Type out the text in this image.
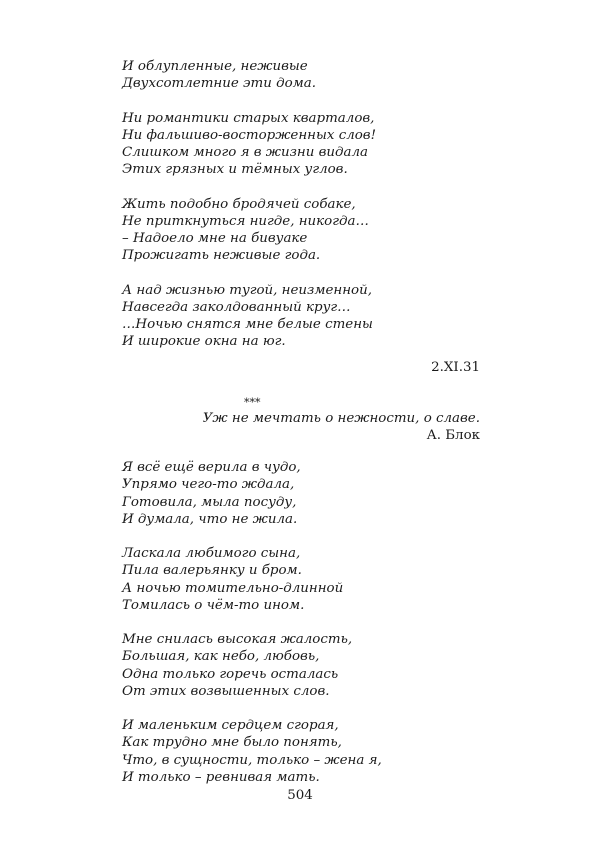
И облупленные, неживые
Двухсотлетние эти дома.
Ни романтики старых кварталов,
Ни фальшиво-восторженных слов!
Слишком много я в жизни видала
Этих грязных и тёмных углов.
Жить подобно бродячей собаке,
Не приткнуться нигде, никогда…
– Надоело мне на бивуаке
Прожигать неживые года.
А над жизнью тугой, неизменной,
Навсегда заколдованный круг…
…Ночью снятся мне белые стены
И широкие окна на юг.
2.XI.31
***
Уж не мечтать о нежности, о славе.
А. Блок
Я всё ещё верила в чудо,
Упрямо чего-то ждала,
Готовила, мыла посуду,
И думала, что не жила.
Ласкала любимого сына,
Пила валерьянку и бром.
А ночью томительно-длинной
Томилась о чём-то ином.
Мне снилась высокая жалость,
Большая, как небо, любовь,
Одна только горечь осталась
От этих возвышенных слов.
И маленьким сердцем сгорая,
Как трудно мне было понять,
Что, в сущности, только – жена я,
И только – ревнивая мать.
504
